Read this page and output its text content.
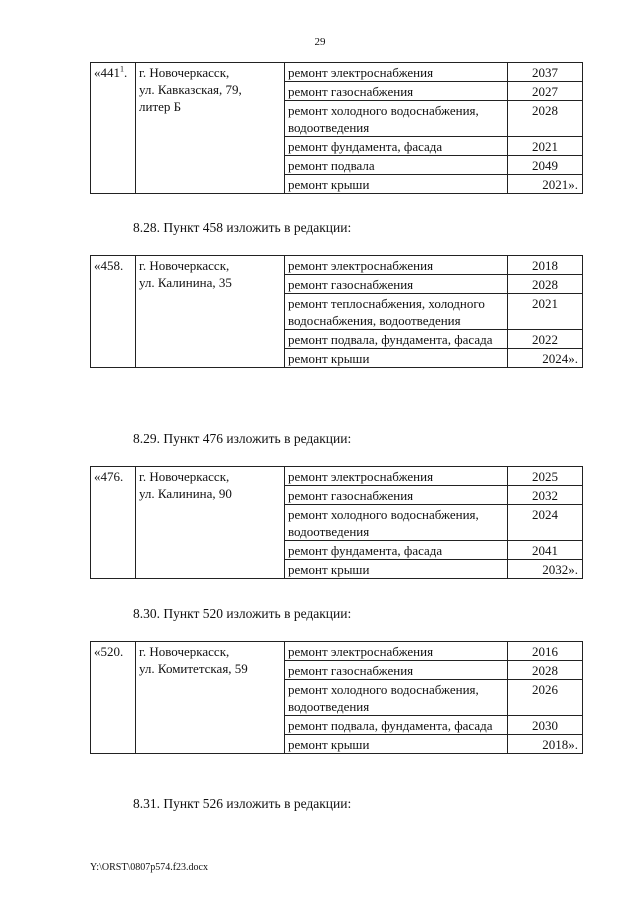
29
«$441^1$.	г. Новочеркасск,
ул. Кавказская, 79,
литер Б	ремонт электроснабжения	2037
		ремонт газоснабжения	2027
		ремонт холодного водоснабжения, водоотведения	2028
		ремонт фундамента, фасада	2021
		ремонт подвала	2049
		ремонт крыши	2021».
8.28. Пункт 458 изложить в редакции:
«458.	г. Новочеркасск,
ул. Калинина, 35	ремонт электроснабжения	2018
		ремонт газоснабжения	2028
		ремонт теплоснабжения, холодного водоснабжения, водоотведения	2021
		ремонт подвала, фундамента, фасада	2022
		ремонт крыши	2024».
8.29. Пункт 476 изложить в редакции:
«476.	г. Новочеркасск,
ул. Калинина, 90	ремонт электроснабжения	2025
		ремонт газоснабжения	2032
		ремонт холодного водоснабжения, водоотведения	2024
		ремонт фундамента, фасада	2041
		ремонт крыши	2032».
8.30. Пункт 520 изложить в редакции:
«520.	г. Новочеркасск,
ул. Комитетская, 59	ремонт электроснабжения	2016
		ремонт газоснабжения	2028
		ремонт холодного водоснабжения, водоотведения	2026
		ремонт подвала, фундамента, фасада	2030
		ремонт крыши	2018».
8.31. Пункт 526 изложить в редакции:
Y:\ORST\0807p574.f23.docx
